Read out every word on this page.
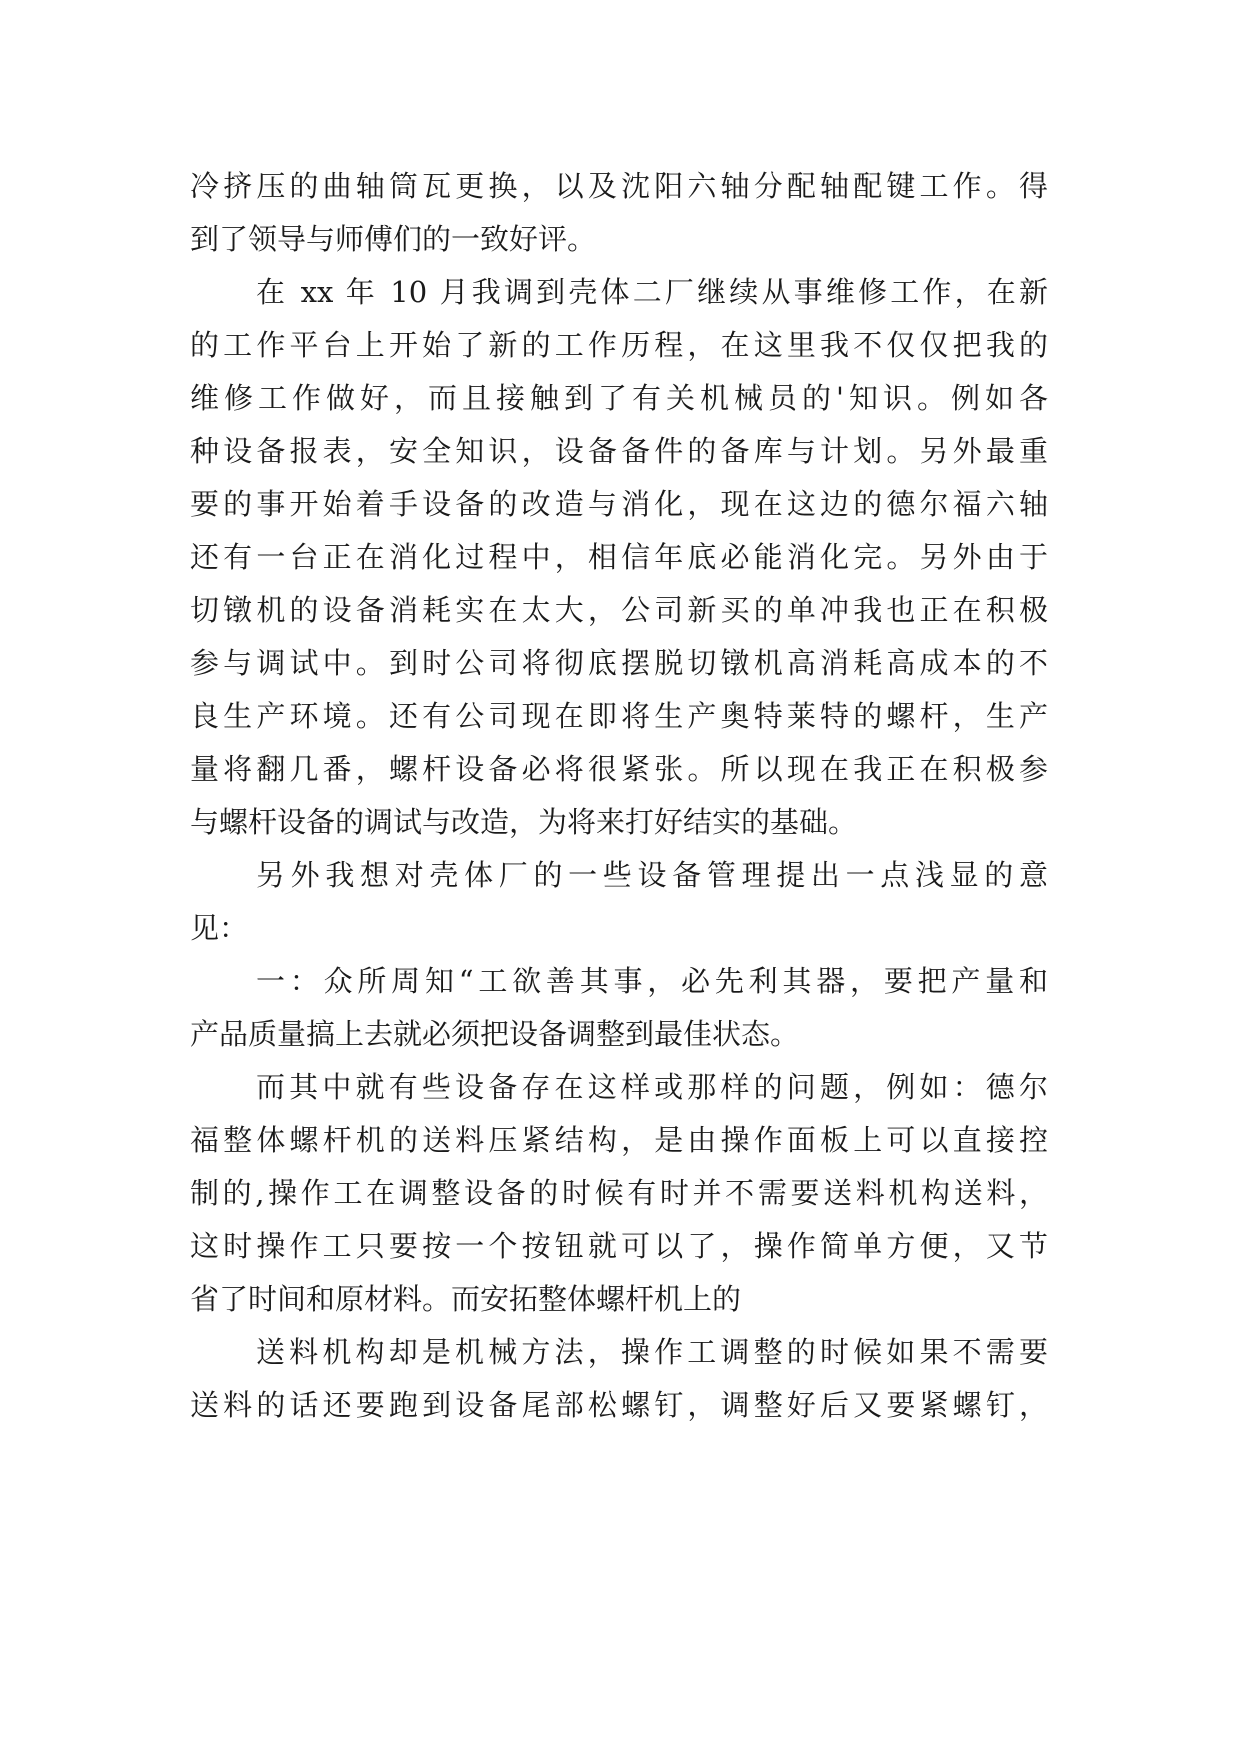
冷挤压的曲轴筒瓦更换，以及沈阳六轴分配轴配键工作。得
到了领导与师傅们的一致好评。
在 xx 年 10 月我调到壳体二厂继续从事维修工作，在新
的工作平台上开始了新的工作历程，在这里我不仅仅把我的
维修工作做好，而且接触到了有关机械员的'知识。例如各
种设备报表，安全知识，设备备件的备库与计划。另外最重
要的事开始着手设备的改造与消化，现在这边的德尔福六轴
还有一台正在消化过程中，相信年底必能消化完。另外由于
切镦机的设备消耗实在太大，公司新买的单冲我也正在积极
参与调试中。到时公司将彻底摆脱切镦机高消耗高成本的不
良生产环境。还有公司现在即将生产奥特莱特的螺杆，生产
量将翻几番，螺杆设备必将很紧张。所以现在我正在积极参
与螺杆设备的调试与改造，为将来打好结实的基础。
另外我想对壳体厂的一些设备管理提出一点浅显的意
见：
一：众所周知“工欲善其事，必先利其器，要把产量和
产品质量搞上去就必须把设备调整到最佳状态。
而其中就有些设备存在这样或那样的问题，例如：德尔
福整体螺杆机的送料压紧结构，是由操作面板上可以直接控
制的,操作工在调整设备的时候有时并不需要送料机构送料，
这时操作工只要按一个按钮就可以了，操作简单方便，又节
省了时间和原材料。而安拓整体螺杆机上的
送料机构却是机械方法，操作工调整的时候如果不需要
送料的话还要跑到设备尾部松螺钉，调整好后又要紧螺钉，
